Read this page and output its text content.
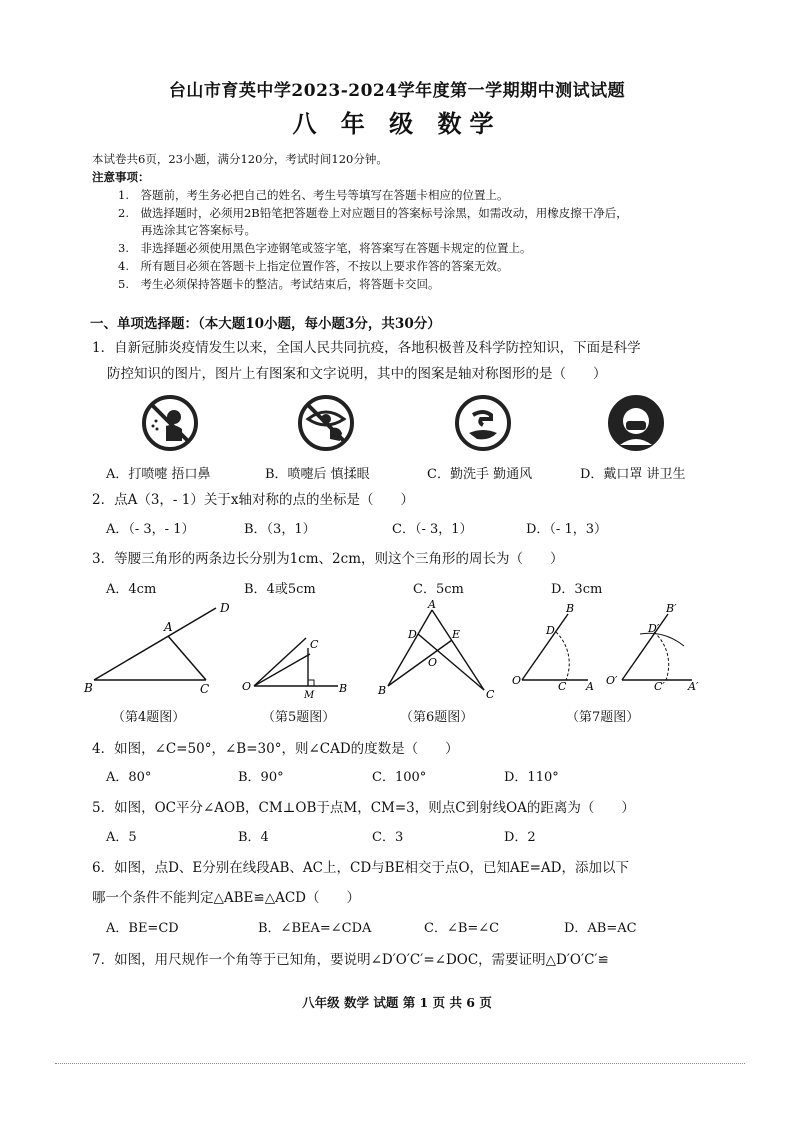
台山市育英中学2023-2024学年度第一学期期中测试试题
八 年 级 数学
本试卷共6页，23小题，满分120分，考试时间120分钟。
注意事项：
1.　答题前，考生务必把自己的姓名、考生号等填写在答题卡相应的位置上。
2.　做选择题时，必须用2B铅笔把答题卷上对应题目的答案标号涂黑，如需改动，用橡皮擦干净后，
　　再选涂其它答案标号。
3.　非选择题必须使用黑色字迹钢笔或签字笔，将答案写在答题卡规定的位置上。
4.　所有题目必须在答题卡上指定位置作答，不按以上要求作答的答案无效。
5.　考生必须保持答题卡的整洁。考试结束后，将答题卡交回。
一、单项选择题：（本大题10小题，每小题3分，共30分）
1．自新冠肺炎疫情发生以来，全国人民共同抗疫，各地积极普及科学防控知识，下面是科学
防控知识的图片，图片上有图案和文字说明，其中的图案是轴对称图形的是（　　）
A．打喷嚏 捂口鼻	B．喷嚏后 慎揉眼	C．勤洗手 勤通风	D．戴口罩 讲卫生
2．点A（3，- 1）关于x轴对称的点的坐标是（　　）
A．（- 3，- 1）	B．（3，1）	C．（- 3，1）	D．（- 1，3）
3．等腰三角形的两条边长分别为1cm、2cm，则这个三角形的周长为（　　）
A．4cm	B．4或5cm	C．5cm	D．3cm
D
A
B	C
C
O
M
B
A
D	E
O
B	C
B
D
O	C A
B′
D′
O′	C′ A′
（第4题图）	（第5题图）	（第6题图）	（第7题图）
4．如图，∠C=50°，∠B=30°，则∠CAD的度数是（　　）
A．80°	B．90°	C．100°	D．110°
5．如图，OC平分∠AOB，CM⊥OB于点M，CM=3，则点C到射线OA的距离为（　　）
A．5	B．4	C．3	D．2
6．如图，点D、E分别在线段AB、AC上，CD与BE相交于点O，已知AE=AD，添加以下
哪一个条件不能判定△ABE≌△ACD（　　）
A．BE=CD	B．∠BEA=∠CDA	C．∠B=∠C	D．AB=AC
7．如图，用尺规作一个角等于已知角，要说明∠D′O′C′=∠DOC，需要证明△D′O′C′≌
八年级 数学 试题 第 1 页 共 6 页
